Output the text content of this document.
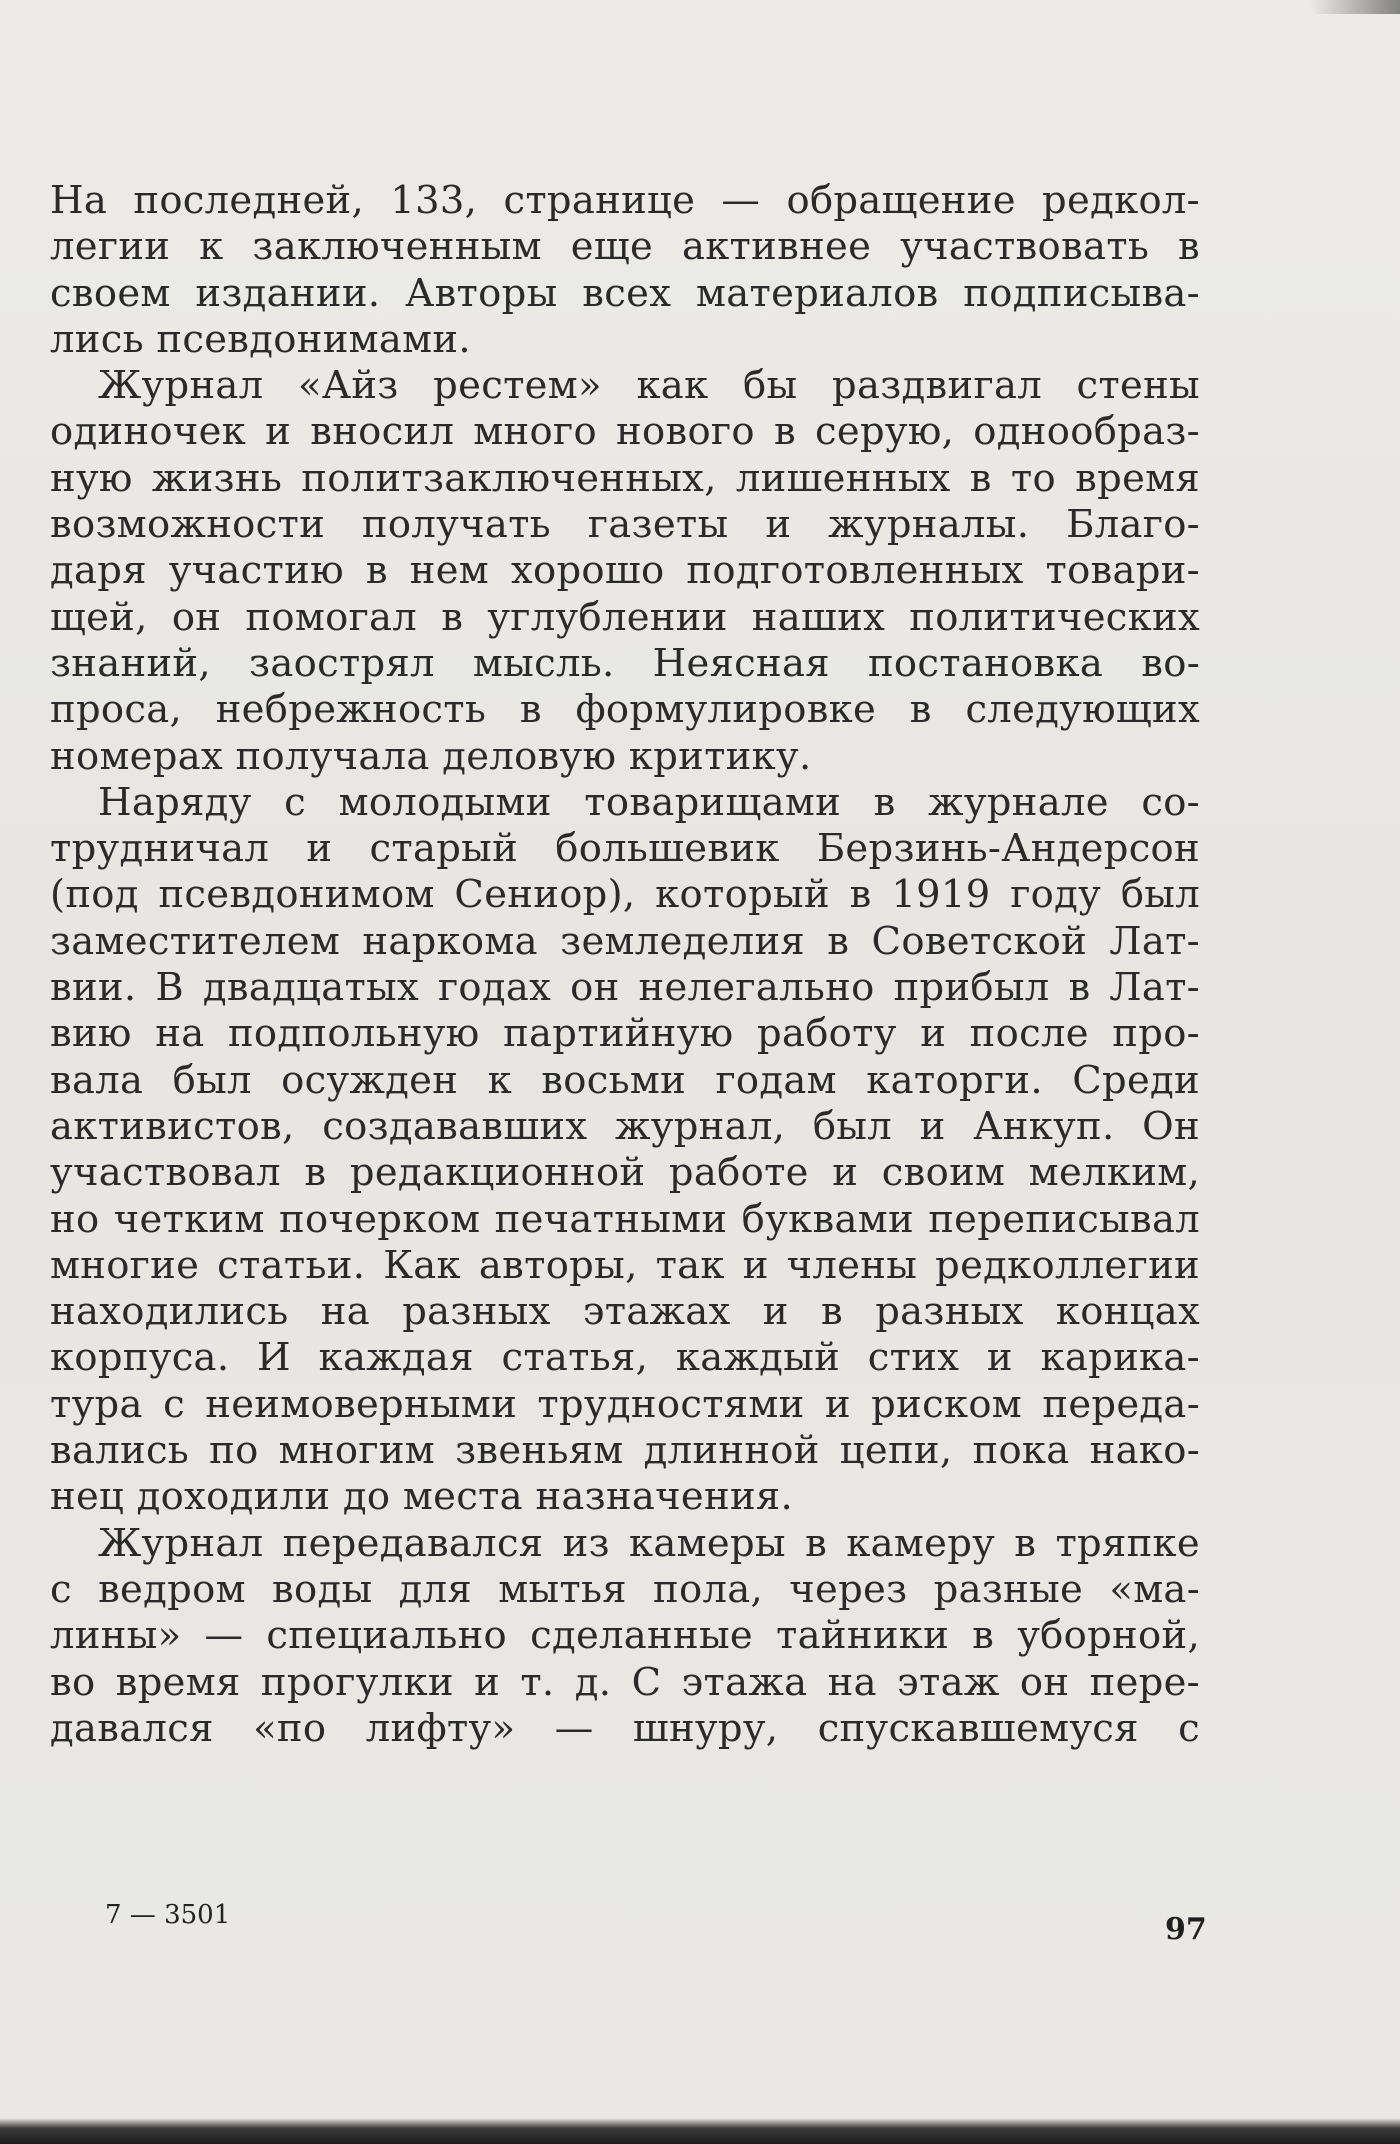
На последней, 133, странице — обращение редкол-
легии к заключенным еще активнее участвовать в
своем издании. Авторы всех материалов подписыва-
лись псевдонимами.
Журнал «Айз рестем» как бы раздвигал стены
одиночек и вносил много нового в серую, однообраз-
ную жизнь политзаключенных, лишенных в то время
возможности получать газеты и журналы. Благо-
даря участию в нем хорошо подготовленных товари-
щей, он помогал в углублении наших политических
знаний, заострял мысль. Неясная постановка во-
проса, небрежность в формулировке в следующих
номерах получала деловую критику.
Наряду с молодыми товарищами в журнале со-
трудничал и старый большевик Берзинь-Андерсон
(под псевдонимом Сениор), который в 1919 году был
заместителем наркома земледелия в Советской Лат-
вии. В двадцатых годах он нелегально прибыл в Лат-
вию на подпольную партийную работу и после про-
вала был осужден к восьми годам каторги. Среди
активистов, создававших журнал, был и Анкуп. Он
участвовал в редакционной работе и своим мелким,
но четким почерком печатными буквами переписывал
многие статьи. Как авторы, так и члены редколлегии
находились на разных этажах и в разных концах
корпуса. И каждая статья, каждый стих и карика-
тура с неимоверными трудностями и риском переда-
вались по многим звеньям длинной цепи, пока нако-
нец доходили до места назначения.
Журнал передавался из камеры в камеру в тряпке
с ведром воды для мытья пола, через разные «ма-
лины» — специально сделанные тайники в уборной,
во время прогулки и т. д. С этажа на этаж он пере-
давался «по лифту» — шнуру, спускавшемуся с
7 — 3501	97
